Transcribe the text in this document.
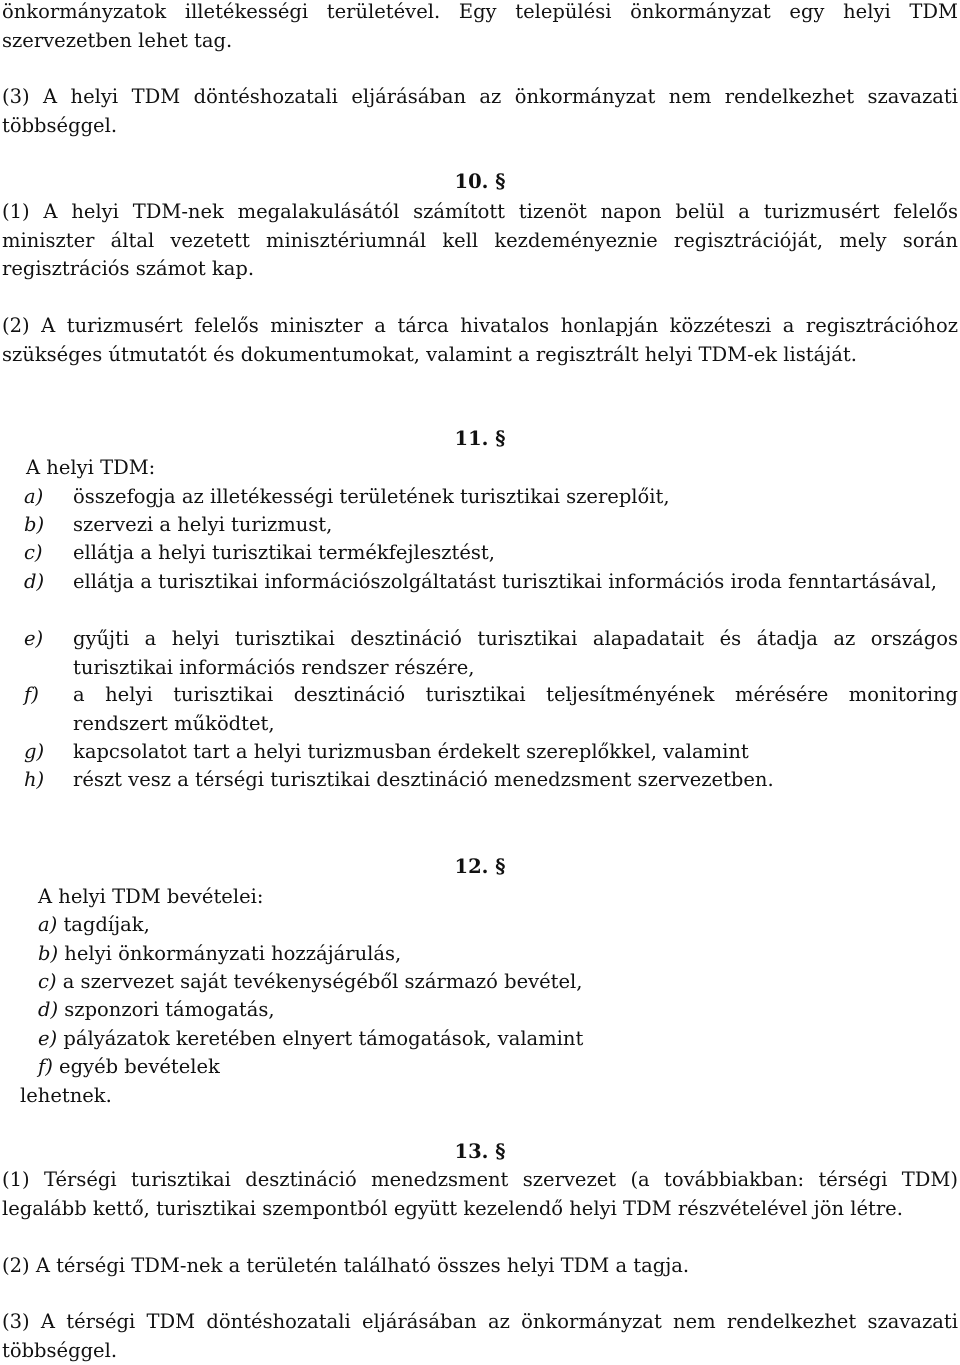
önkormányzatok illetékességi területével. Egy települési önkormányzat egy helyi TDM szervezetben lehet tag.

(3) A helyi TDM döntéshozatali eljárásában az önkormányzat nem rendelkezhet szavazati többséggel.

10. §

(1) A helyi TDM-nek megalakulásától számított tizenöt napon belül a turizmusért felelős miniszter által vezetett minisztériumnál kell kezdeményeznie regisztrációját, mely során regisztrációs számot kap.

(2) A turizmusért felelős miniszter a tárca hivatalos honlapján közzéteszi a regisztrációhoz szükséges útmutatót és dokumentumokat, valamint a regisztrált helyi TDM-ek listáját.

11. §

A helyi TDM:

a) összefogja az illetékességi területének turisztikai szereplőit,
b) szervezi a helyi turizmust,
c) ellátja a helyi turisztikai termékfejlesztést,
d) ellátja a turisztikai információszolgáltatást turisztikai információs iroda fenntartásával,
e) gyűjti a helyi turisztikai desztináció turisztikai alapadatait és átadja az országos turisztikai információs rendszer részére,
f) a helyi turisztikai desztináció turisztikai teljesítményének mérésére monitoring rendszert működtet,
g) kapcsolatot tart a helyi turizmusban érdekelt szereplőkkel, valamint
h) részt vesz a térségi turisztikai desztináció menedzsment szervezetben.

12. §

A helyi TDM bevételei:

a) tagdíjak,

b) helyi önkormányzati hozzájárulás,

c) a szervezet saját tevékenységéből származó bevétel,

d) szponzori támogatás,

e) pályázatok keretében elnyert támogatások, valamint

f) egyéb bevételek

lehetnek.

13. §

(1) Térségi turisztikai desztináció menedzsment szervezet (a továbbiakban: térségi TDM) legalább kettő, turisztikai szempontból együtt kezelendő helyi TDM részvételével jön létre.

(2) A térségi TDM-nek a területén található összes helyi TDM a tagja.

(3) A térségi TDM döntéshozatali eljárásában az önkormányzat nem rendelkezhet szavazati többséggel.
